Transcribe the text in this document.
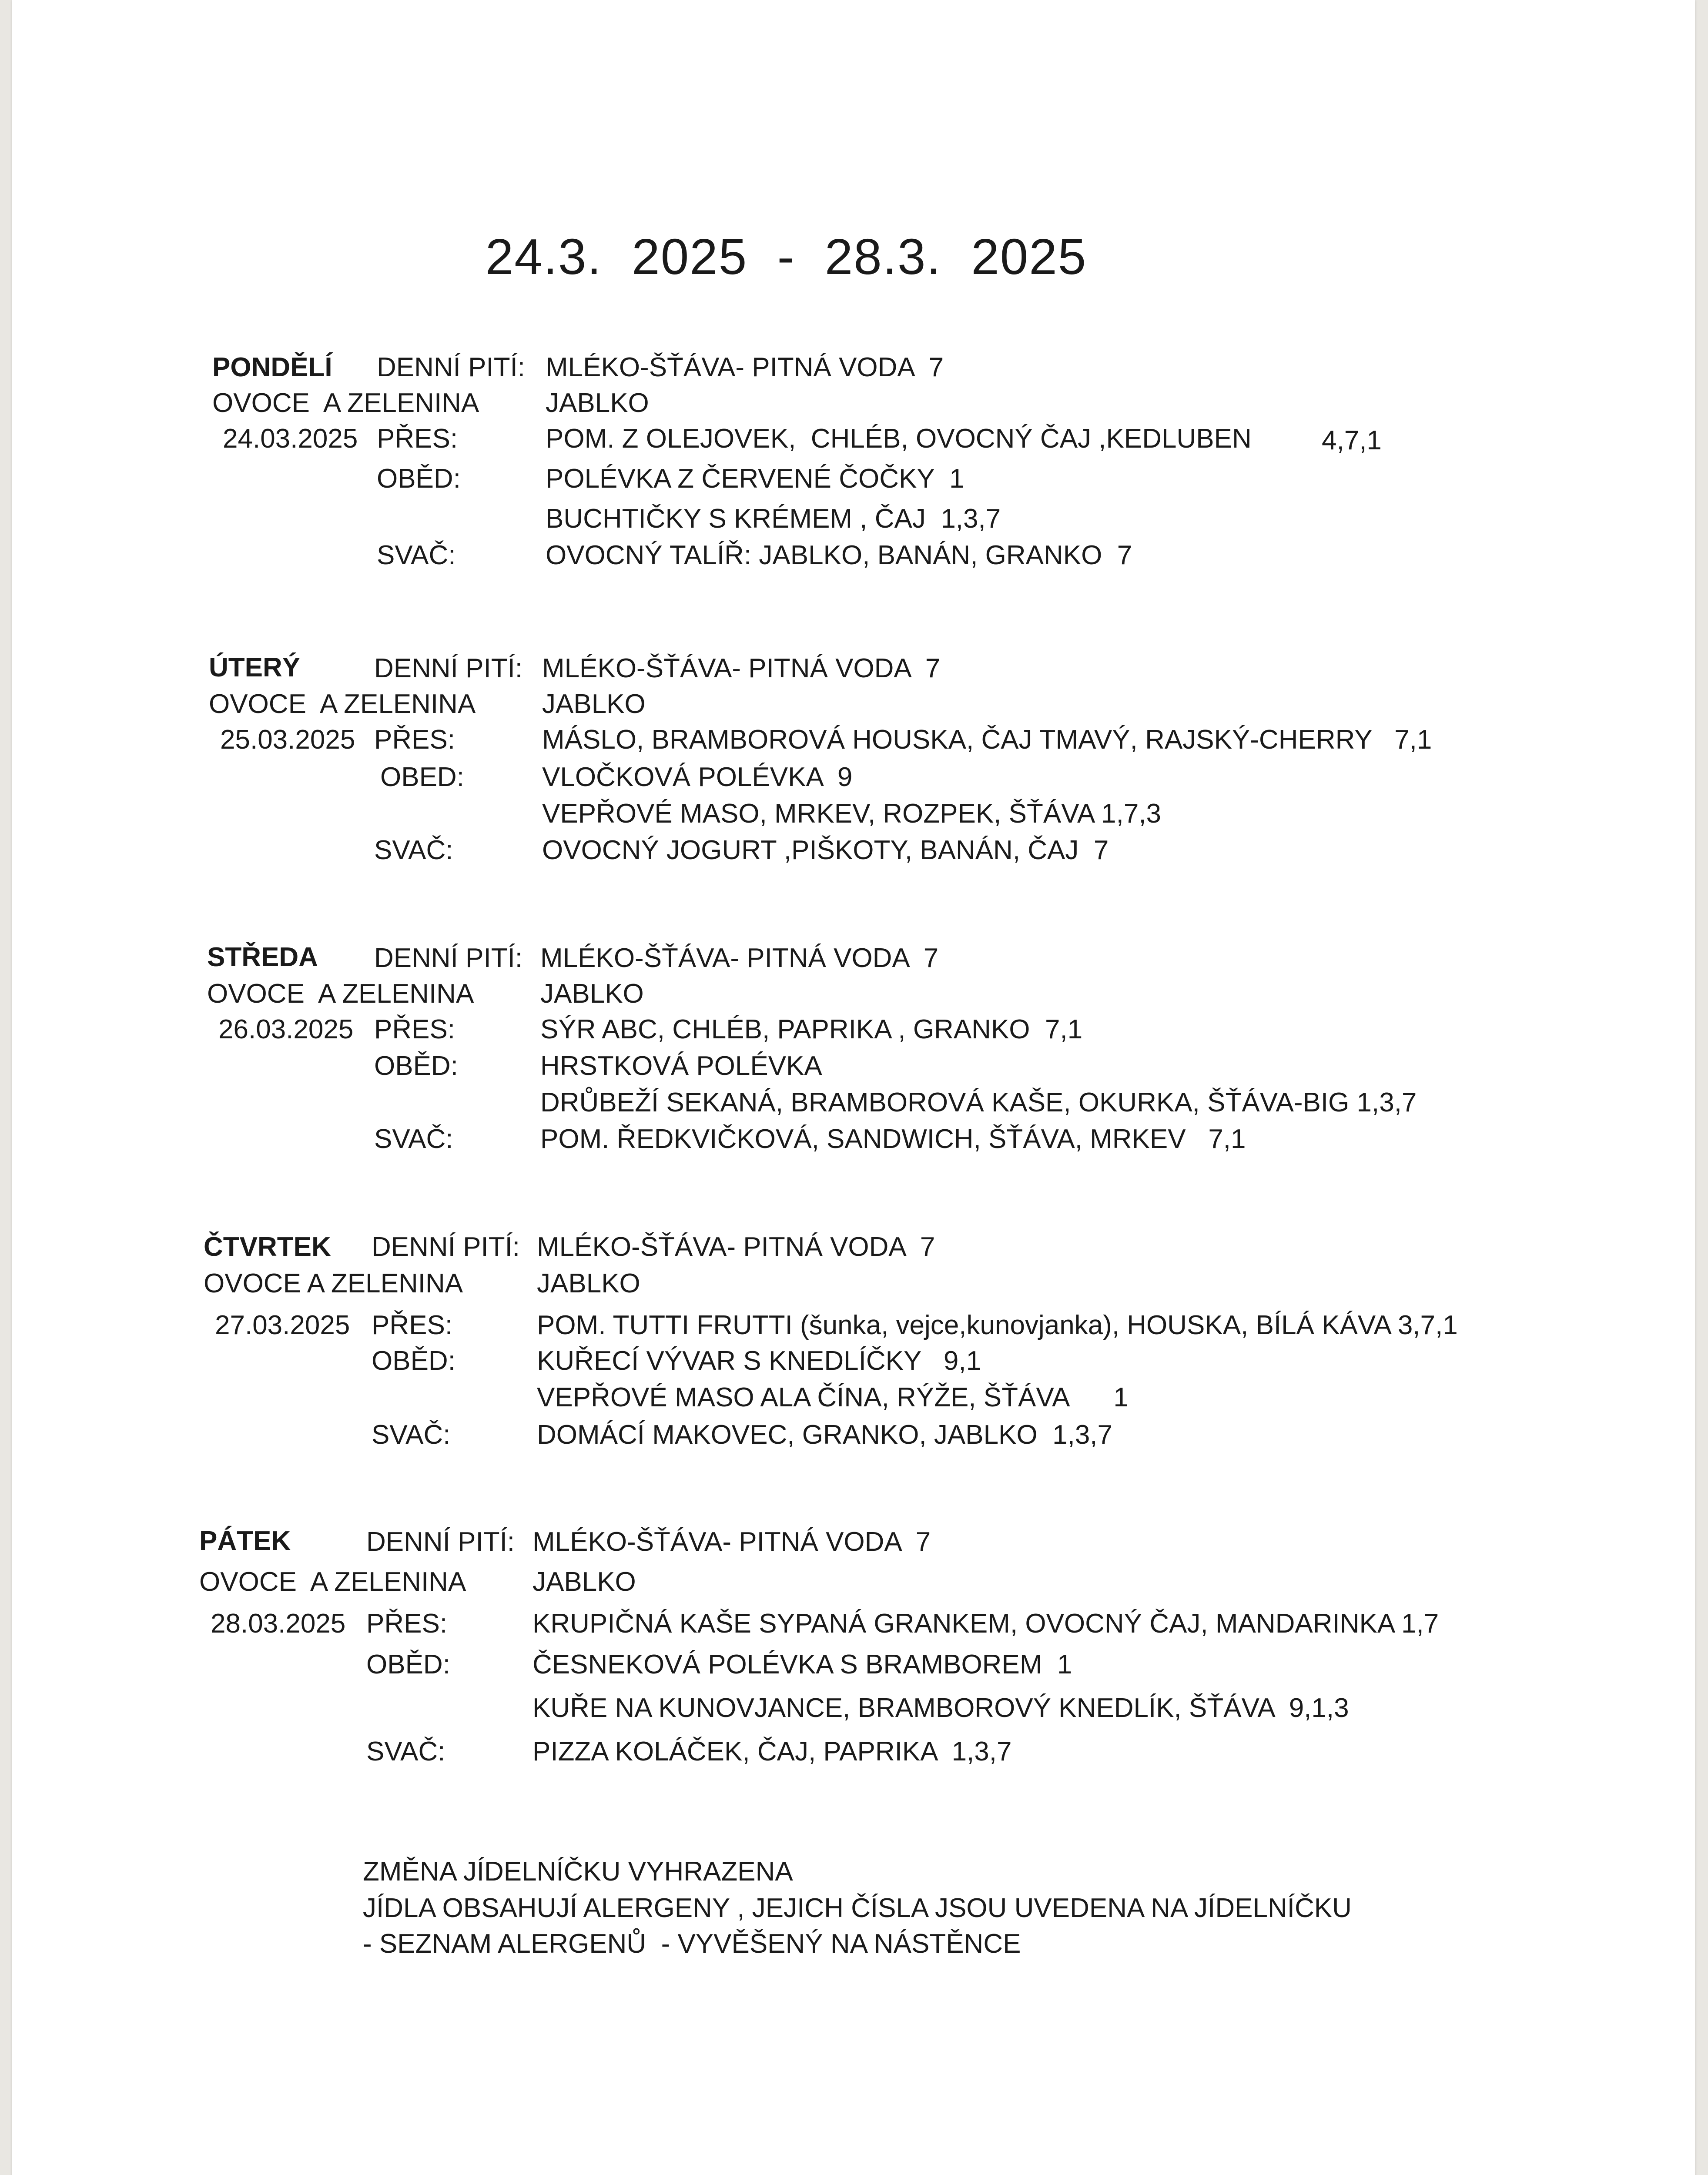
24.3.  2025  -  28.3.  2025
PONDĚLÍ DENNÍ PITÍ: MLÉKO-ŠŤÁVA- PITNÁ VODA  7
OVOCE  A ZELENINA JABLKO
24.03.2025 PŘES:	POM. Z OLEJOVEK,  CHLÉB, OVOCNÝ ČAJ ,KEDLUBEN	4,7,1
OBĚD:	POLÉVKA Z ČERVENÉ ČOČKY  1
BUCHTIČKY S KRÉMEM , ČAJ  1,3,7
SVAČ:	OVOCNÝ TALÍŘ: JABLKO, BANÁN, GRANKO  7
ÚTERÝ	DENNÍ PITÍ: MLÉKO-ŠŤÁVA- PITNÁ VODA  7
OVOCE  A ZELENINA JABLKO
25.03.2025 PŘES:	MÁSLO, BRAMBOROVÁ HOUSKA, ČAJ TMAVÝ, RAJSKÝ-CHERRY   7,1
OBED:	VLOČKOVÁ POLÉVKA  9
VEPŘOVÉ MASO, MRKEV, ROZPEK, ŠŤÁVA 1,7,3
SVAČ:	OVOCNÝ JOGURT ,PIŠKOTY, BANÁN, ČAJ  7
STŘEDA DENNÍ PITÍ: MLÉKO-ŠŤÁVA- PITNÁ VODA  7
OVOCE  A ZELENINA JABLKO
26.03.2025 PŘES:	SÝR ABC, CHLÉB, PAPRIKA , GRANKO  7,1
OBĚD:	HRSTKOVÁ POLÉVKA
DRŮBEŽÍ SEKANÁ, BRAMBOROVÁ KAŠE, OKURKA, ŠŤÁVA-BIG 1,3,7
SVAČ:	POM. ŘEDKVIČKOVÁ, SANDWICH, ŠŤÁVA, MRKEV   7,1
ČTVRTEK DENNÍ PITÍ: MLÉKO-ŠŤÁVA- PITNÁ VODA  7
OVOCE A ZELENINA	JABLKO
27.03.2025 PŘES:	POM. TUTTI FRUTTI (šunka, vejce,kunovjanka), HOUSKA, BÍLÁ KÁVA 3,7,1
OBĚD:	KUŘECÍ VÝVAR S KNEDLÍČKY   9,1
VEPŘOVÉ MASO ALA ČÍNA, RÝŽE, ŠŤÁVA      1
SVAČ:	DOMÁCÍ MAKOVEC, GRANKO, JABLKO  1,3,7
PÁTEK	DENNÍ PITÍ: MLÉKO-ŠŤÁVA- PITNÁ VODA  7
OVOCE  A ZELENINA JABLKO
28.03.2025 PŘES:	KRUPIČNÁ KAŠE SYPANÁ GRANKEM, OVOCNÝ ČAJ, MANDARINKA 1,7
OBĚD:	ČESNEKOVÁ POLÉVKA S BRAMBOREM  1
KUŘE NA KUNOVJANCE, BRAMBOROVÝ KNEDLÍK, ŠŤÁVA  9,1,3
SVAČ:	PIZZA KOLÁČEK, ČAJ, PAPRIKA  1,3,7
ZMĚNA JÍDELNÍČKU VYHRAZENA
JÍDLA OBSAHUJÍ ALERGENY , JEJICH ČÍSLA JSOU UVEDENA NA JÍDELNÍČKU
- SEZNAM ALERGENŮ  - VYVĚŠENÝ NA NÁSTĚNCE
